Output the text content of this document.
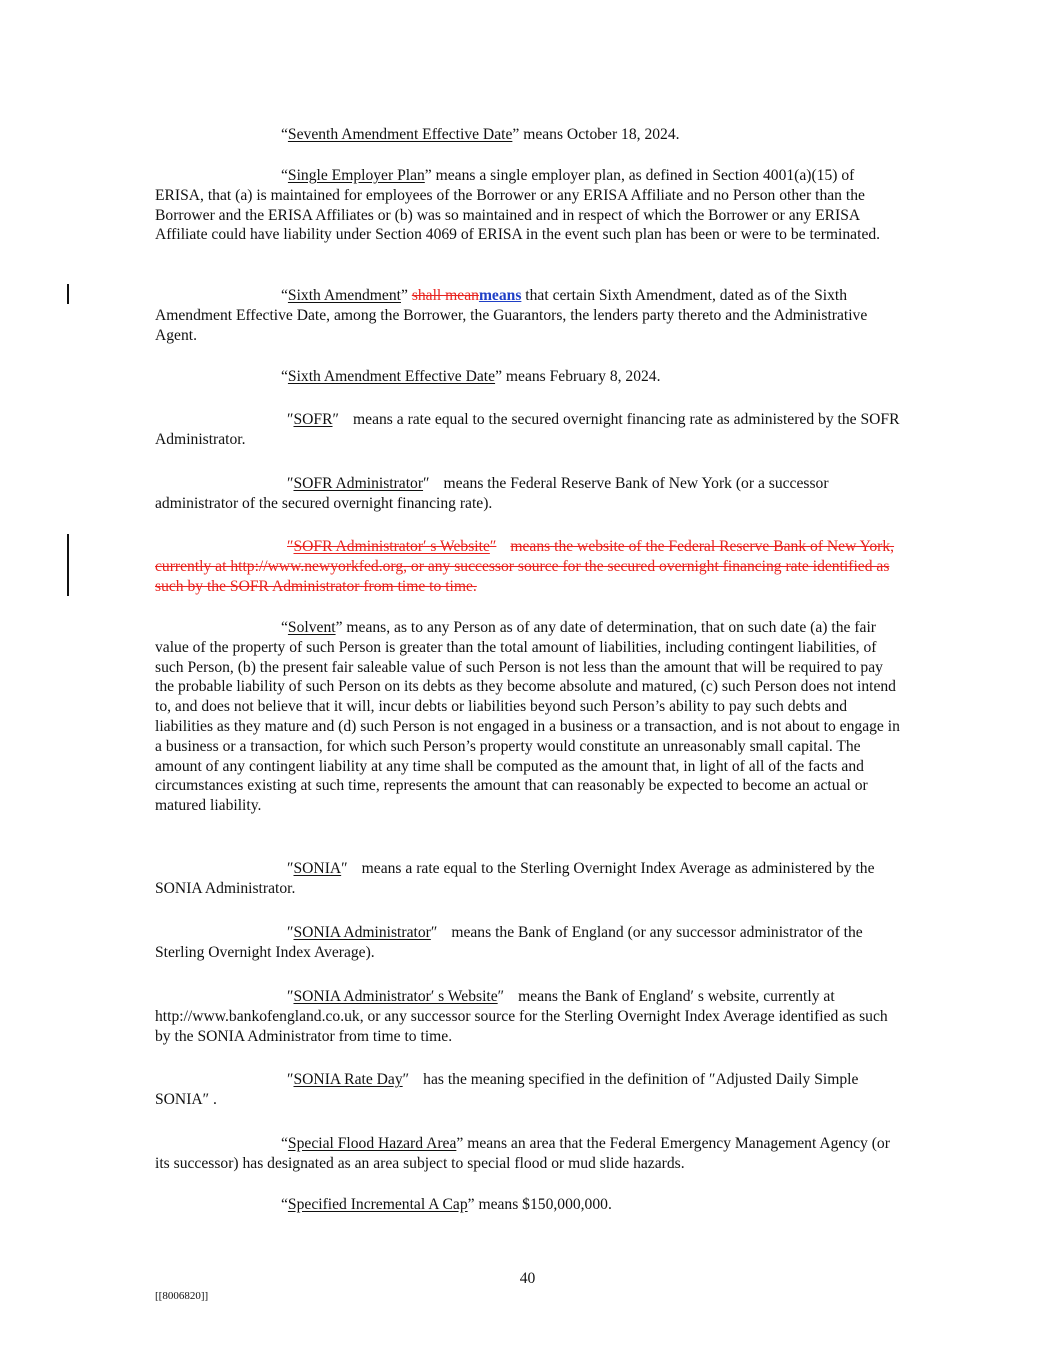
“Seventh Amendment Effective Date” means October 18, 2024.

“Single Employer Plan” means a single employer plan, as defined in Section 4001(a)(15) of ERISA, that (a) is maintained for employees of the Borrower or any ERISA Affiliate and no Person other than the Borrower and the ERISA Affiliates or (b) was so maintained and in respect of which the Borrower or any ERISA Affiliate could have liability under Section 4069 of ERISA in the event such plan has been or were to be terminated.

“Sixth Amendment” shall meanmeans that certain Sixth Amendment, dated as of the Sixth Amendment Effective Date, among the Borrower, the Guarantors, the lenders party thereto and the Administrative Agent.

“Sixth Amendment Effective Date” means February 8, 2024.

″SOFR″ means a rate equal to the secured overnight financing rate as administered by the SOFR Administrator.

″SOFR Administrator″ means the Federal Reserve Bank of New York (or a successor administrator of the secured overnight financing rate).

″SOFR Administrator′ s Website″ means the website of the Federal Reserve Bank of New York, currently at http://www.newyorkfed.org, or any successor source for the secured overnight financing rate identified as such by the SOFR Administrator from time to time.

“Solvent” means, as to any Person as of any date of determination, that on such date (a) the fair value of the property of such Person is greater than the total amount of liabilities, including contingent liabilities, of such Person, (b) the present fair saleable value of such Person is not less than the amount that will be required to pay the probable liability of such Person on its debts as they become absolute and matured, (c) such Person does not intend to, and does not believe that it will, incur debts or liabilities beyond such Person’s ability to pay such debts and liabilities as they mature and (d) such Person is not engaged in a business or a transaction, and is not about to engage in a business or a transaction, for which such Person’s property would constitute an unreasonably small capital. The amount of any contingent liability at any time shall be computed as the amount that, in light of all of the facts and circumstances existing at such time, represents the amount that can reasonably be expected to become an actual or matured liability.

″SONIA″ means a rate equal to the Sterling Overnight Index Average as administered by the SONIA Administrator.

″SONIA Administrator″ means the Bank of England (or any successor administrator of the Sterling Overnight Index Average).

″SONIA Administrator′ s Website″ means the Bank of England′ s website, currently at http://www.bankofengland.co.uk, or any successor source for the Sterling Overnight Index Average identified as such by the SONIA Administrator from time to time.

″SONIA Rate Day″ has the meaning specified in the definition of ″Adjusted Daily Simple SONIA″ .

“Special Flood Hazard Area” means an area that the Federal Emergency Management Agency (or its successor) has designated as an area subject to special flood or mud slide hazards.

“Specified Incremental A Cap” means $150,000,000.

40
[[8006820]]
